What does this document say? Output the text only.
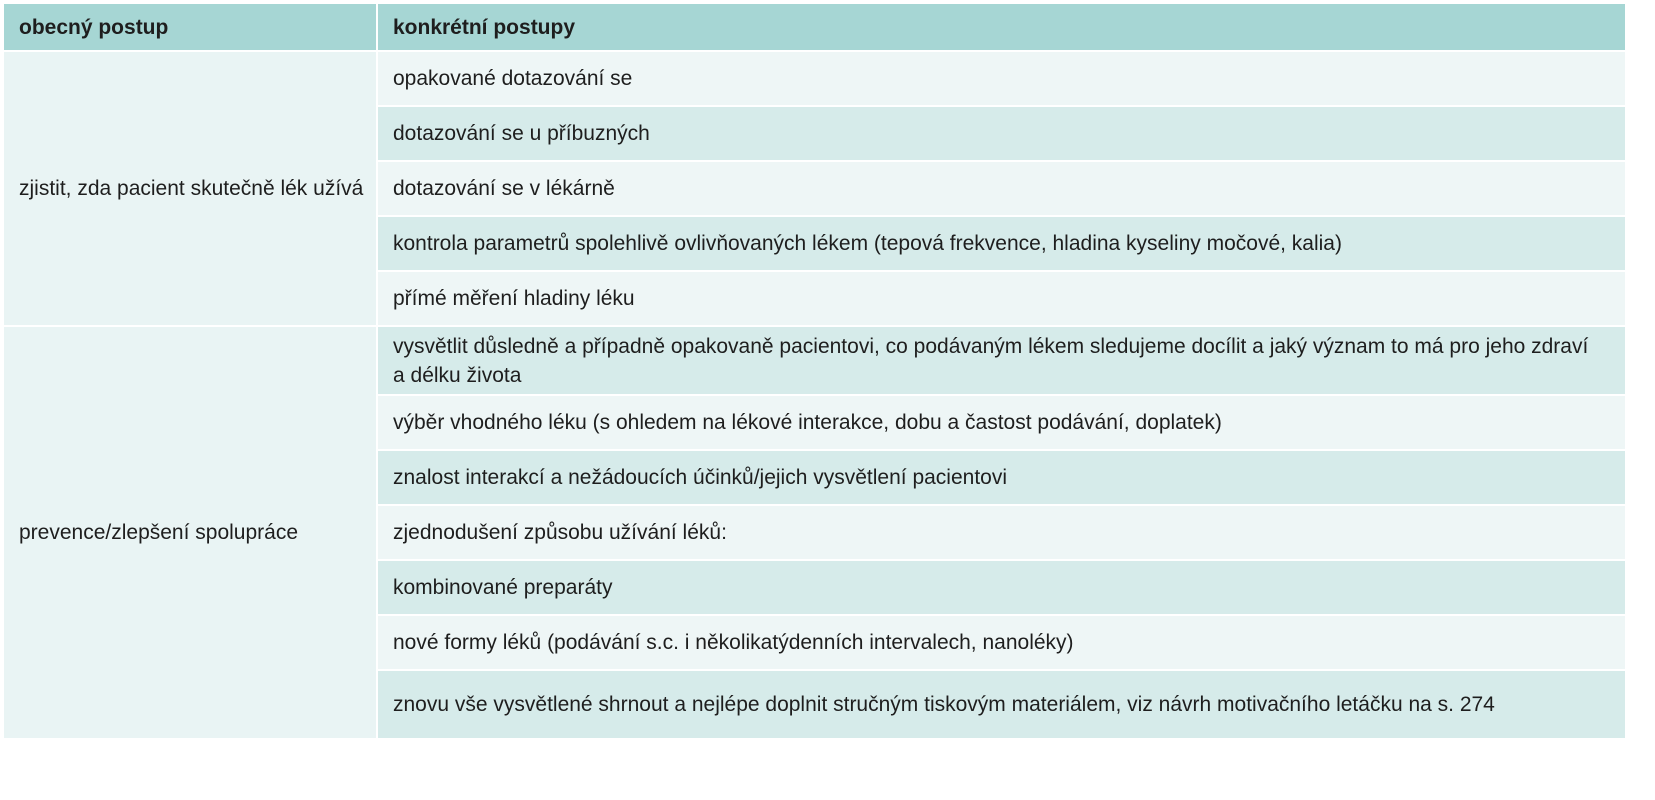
obecný postup	konkrétní postupy
zjistit, zda pacient skutečně lék užívá	opakované dotazování se
	dotazování se u příbuzných
	dotazování se v lékárně
	kontrola parametrů spolehlivě ovlivňovaných lékem (tepová frekvence, hladina kyseliny močové, kalia)
	přímé měření hladiny léku
prevence/zlepšení spolupráce	vysvětlit důsledně a případně opakovaně pacientovi, co podávaným lékem sledujeme docílit a jaký význam to má pro jeho zdraví a délku života
	výběr vhodného léku (s ohledem na lékové interakce, dobu a častost podávání, doplatek)
	znalost interakcí a nežádoucích účinků/jejich vysvětlení pacientovi
	zjednodušení způsobu užívání léků:
	kombinované preparáty
	nové formy léků (podávání s.c. i několikatýdenních intervalech, nanoléky)
	znovu vše vysvětlené shrnout a nejlépe doplnit stručným tiskovým materiálem, viz návrh motivačního letáčku na s. 274
